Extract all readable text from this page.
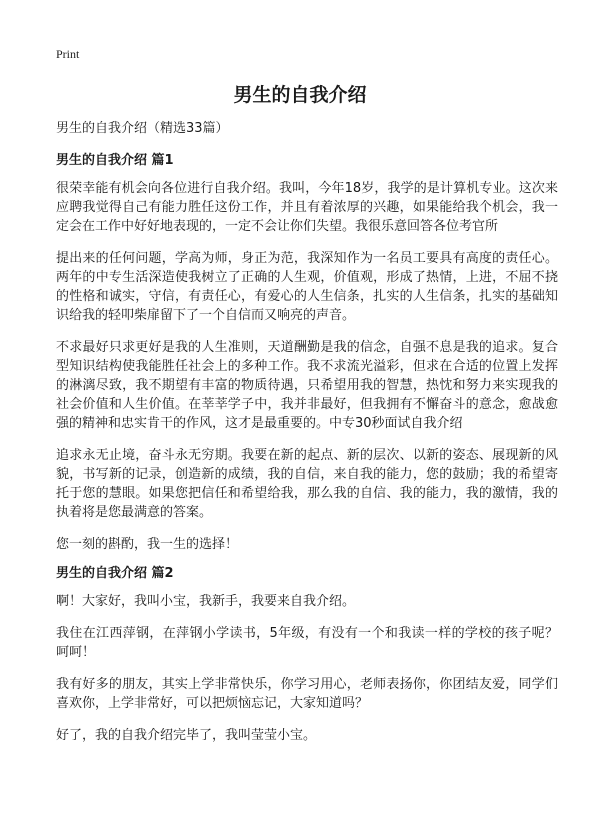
Print
男生的自我介绍

男生的自我介绍（精选33篇）

男生的自我介绍 篇1

很荣幸能有机会向各位进行自我介绍。我叫，今年18岁，我学的是计算机专业。这次来应聘我觉得自己有能力胜任这份工作，并且有着浓厚的兴趣，如果能给我个机会，我一定会在工作中好好地表现的，一定不会让你们失望。我很乐意回答各位考官所

提出来的任何问题，学高为师，身正为范，我深知作为一名员工要具有高度的责任心。两年的中专生活深造使我树立了正确的人生观，价值观，形成了热情，上进，不屈不挠的性格和诚实，守信，有责任心，有爱心的人生信条，扎实的人生信条，扎实的基础知识给我的轻叩柴扉留下了一个自信而又响亮的声音。

不求最好只求更好是我的人生准则，天道酬勤是我的信念，自强不息是我的追求。复合型知识结构使我能胜任社会上的多种工作。我不求流光溢彩，但求在合适的位置上发挥的淋漓尽致，我不期望有丰富的物质待遇，只希望用我的智慧，热忱和努力来实现我的社会价值和人生价值。在莘莘学子中，我并非最好，但我拥有不懈奋斗的意念，愈战愈强的精神和忠实肯干的作风，这才是最重要的。中专30秒面试自我介绍

追求永无止境，奋斗永无穷期。我要在新的起点、新的层次、以新的姿态、展现新的风貌，书写新的记录，创造新的成绩，我的自信，来自我的能力，您的鼓励；我的希望寄托于您的慧眼。如果您把信任和希望给我，那么我的自信、我的能力，我的激情，我的执着将是您最满意的答案。

您一刻的斟酌，我一生的选择！

男生的自我介绍 篇2

啊！大家好，我叫小宝，我新手，我要来自我介绍。

我住在江西萍钢，在萍钢小学读书，5年级，有没有一个和我读一样的学校的孩子呢？呵呵！

我有好多的朋友，其实上学非常快乐，你学习用心，老师表扬你，你团结友爱，同学们喜欢你，上学非常好，可以把烦恼忘记，大家知道吗？

好了，我的自我介绍完毕了，我叫莹莹小宝。
